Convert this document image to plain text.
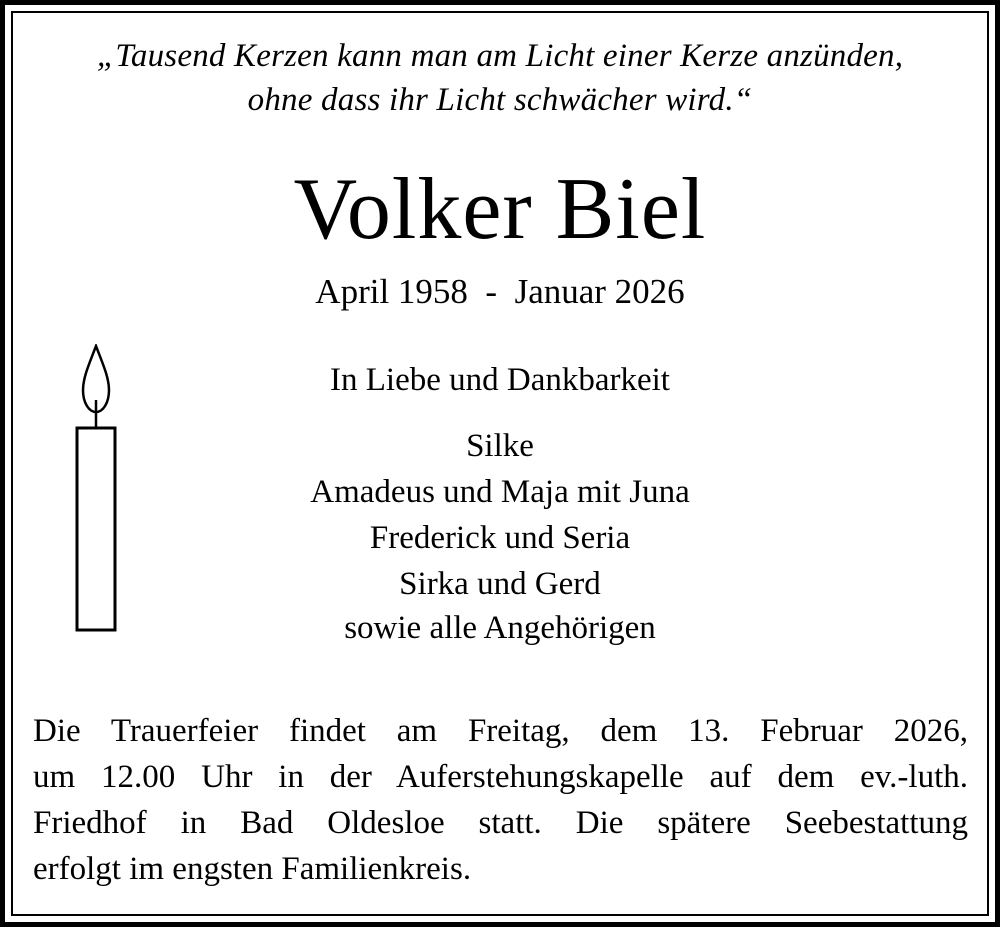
„Tausend Kerzen kann man am Licht einer Kerze anzünden,
ohne dass ihr Licht schwächer wird.“
Volker Biel
April 1958  -  Januar 2026
In Liebe und Dankbarkeit
Silke
Amadeus und Maja mit Juna
Frederick und Seria
Sirka und Gerd
sowie alle Angehörigen
Die Trauerfeier findet am Freitag, dem 13. Februar 2026,
um 12.00 Uhr in der Auferstehungskapelle auf dem ev.-luth.
Friedhof in Bad Oldesloe statt. Die spätere Seebestattung
erfolgt im engsten Familienkreis.
